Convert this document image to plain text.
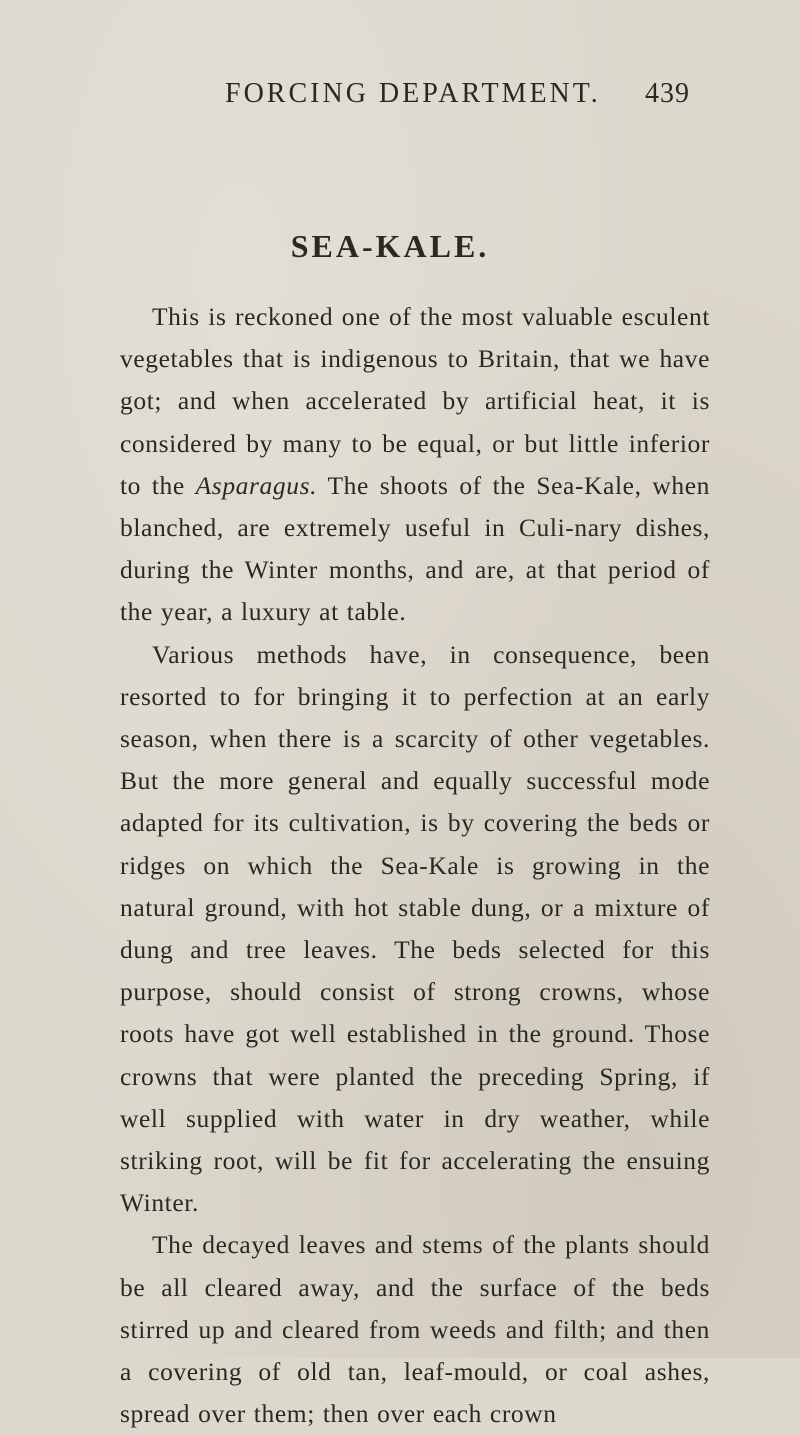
FORCING DEPARTMENT. 439
SEA-KALE.

This is reckoned one of the most valuable esculent vegetables that is indigenous to Britain, that we have got; and when accelerated by artificial heat, it is considered by many to be equal, or but little inferior to the Asparagus. The shoots of the Sea-Kale, when blanched, are extremely useful in Culi-nary dishes, during the Winter months, and are, at that period of the year, a luxury at table.

Various methods have, in consequence, been resorted to for bringing it to perfection at an early season, when there is a scarcity of other vegetables. But the more general and equally successful mode adapted for its cultivation, is by covering the beds or ridges on which the Sea-Kale is growing in the natural ground, with hot stable dung, or a mixture of dung and tree leaves. The beds selected for this purpose, should consist of strong crowns, whose roots have got well established in the ground. Those crowns that were planted the preceding Spring, if well supplied with water in dry weather, while striking root, will be fit for accelerating the ensuing Winter.

The decayed leaves and stems of the plants should be all cleared away, and the surface of the beds stirred up and cleared from weeds and filth; and then a covering of old tan, leaf-mould, or coal ashes, spread over them; then over each crown
